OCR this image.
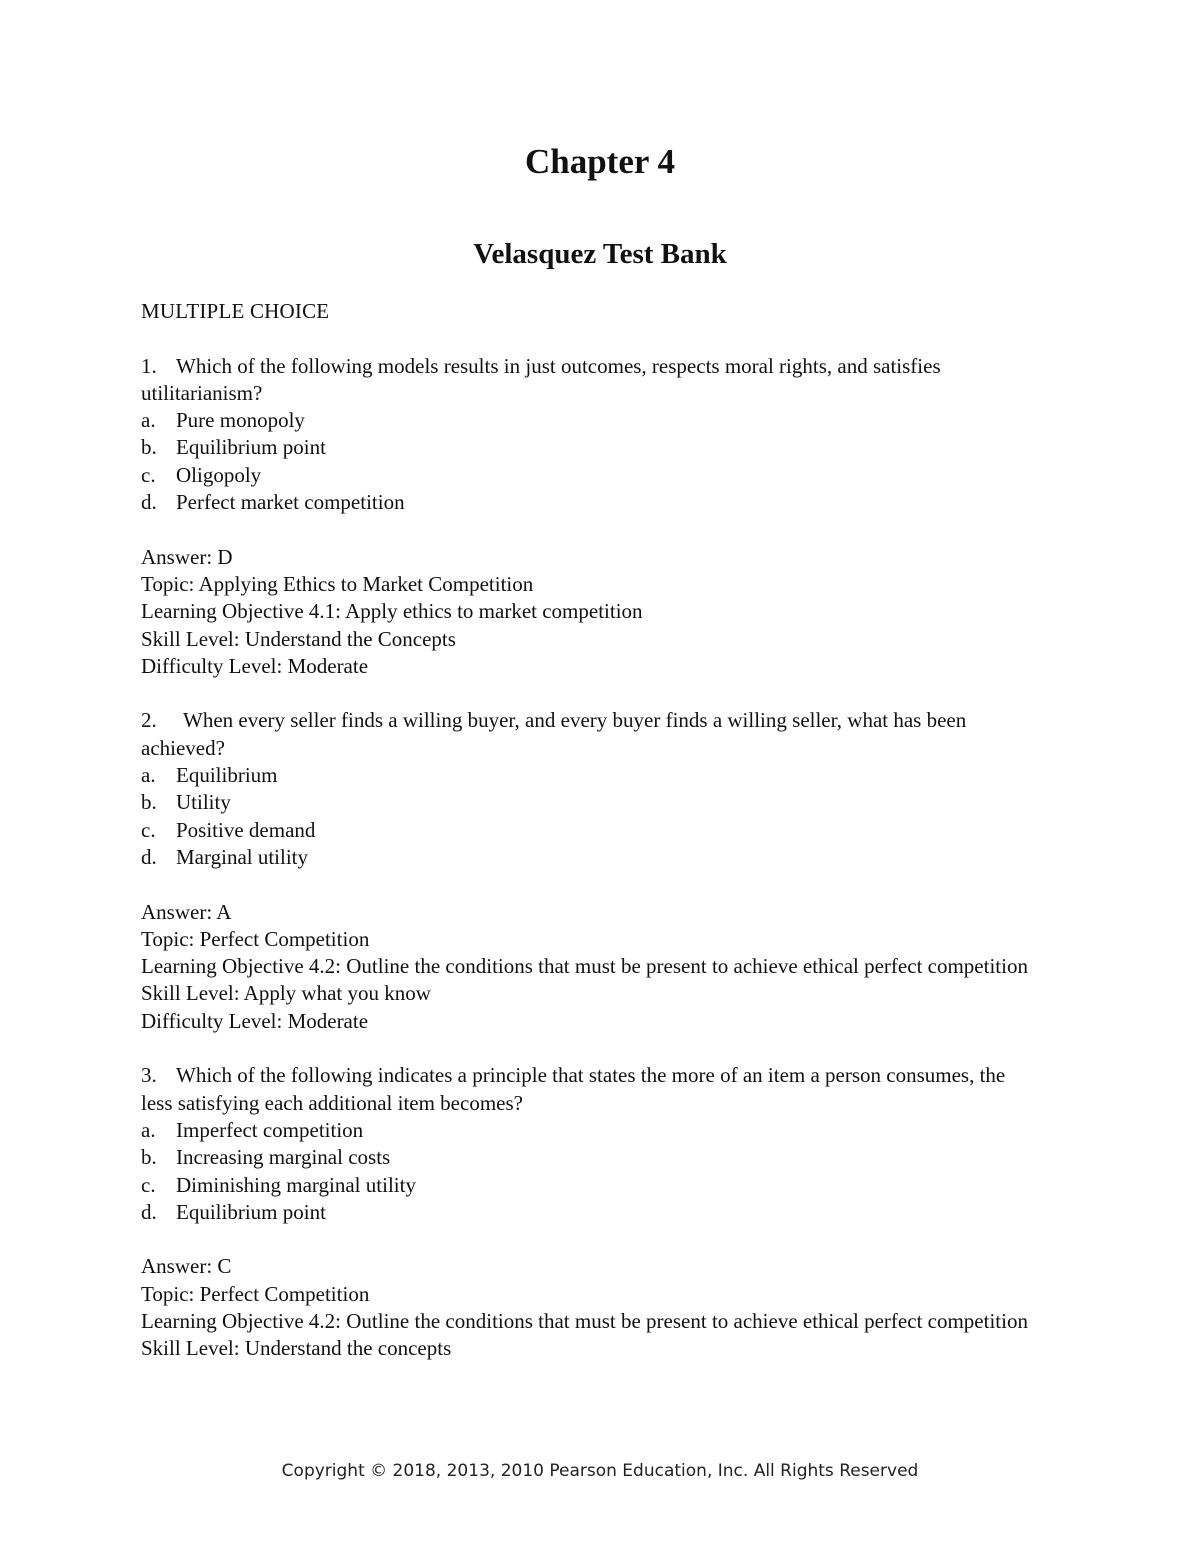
Chapter 4
Velasquez Test Bank

MULTIPLE CHOICE

1. Which of the following models results in just outcomes, respects moral rights, and satisfies utilitarianism?

a. Pure monopoly
b. Equilibrium point
c. Oligopoly
d. Perfect market competition

Answer: D

Topic: Applying Ethics to Market Competition

Learning Objective 4.1: Apply ethics to market competition

Skill Level: Understand the Concepts

Difficulty Level: Moderate

2. When every seller finds a willing buyer, and every buyer finds a willing seller, what has been achieved?

a. Equilibrium
b. Utility
c. Positive demand
d. Marginal utility

Answer: A

Topic: Perfect Competition

Learning Objective 4.2: Outline the conditions that must be present to achieve ethical perfect competition

Skill Level: Apply what you know

Difficulty Level: Moderate

3. Which of the following indicates a principle that states the more of an item a person consumes, the less satisfying each additional item becomes?

a. Imperfect competition
b. Increasing marginal costs
c. Diminishing marginal utility
d. Equilibrium point

Answer: C

Topic: Perfect Competition

Learning Objective 4.2: Outline the conditions that must be present to achieve ethical perfect competition

Skill Level: Understand the concepts

Copyright © 2018, 2013, 2010 Pearson Education, Inc. All Rights Reserved
